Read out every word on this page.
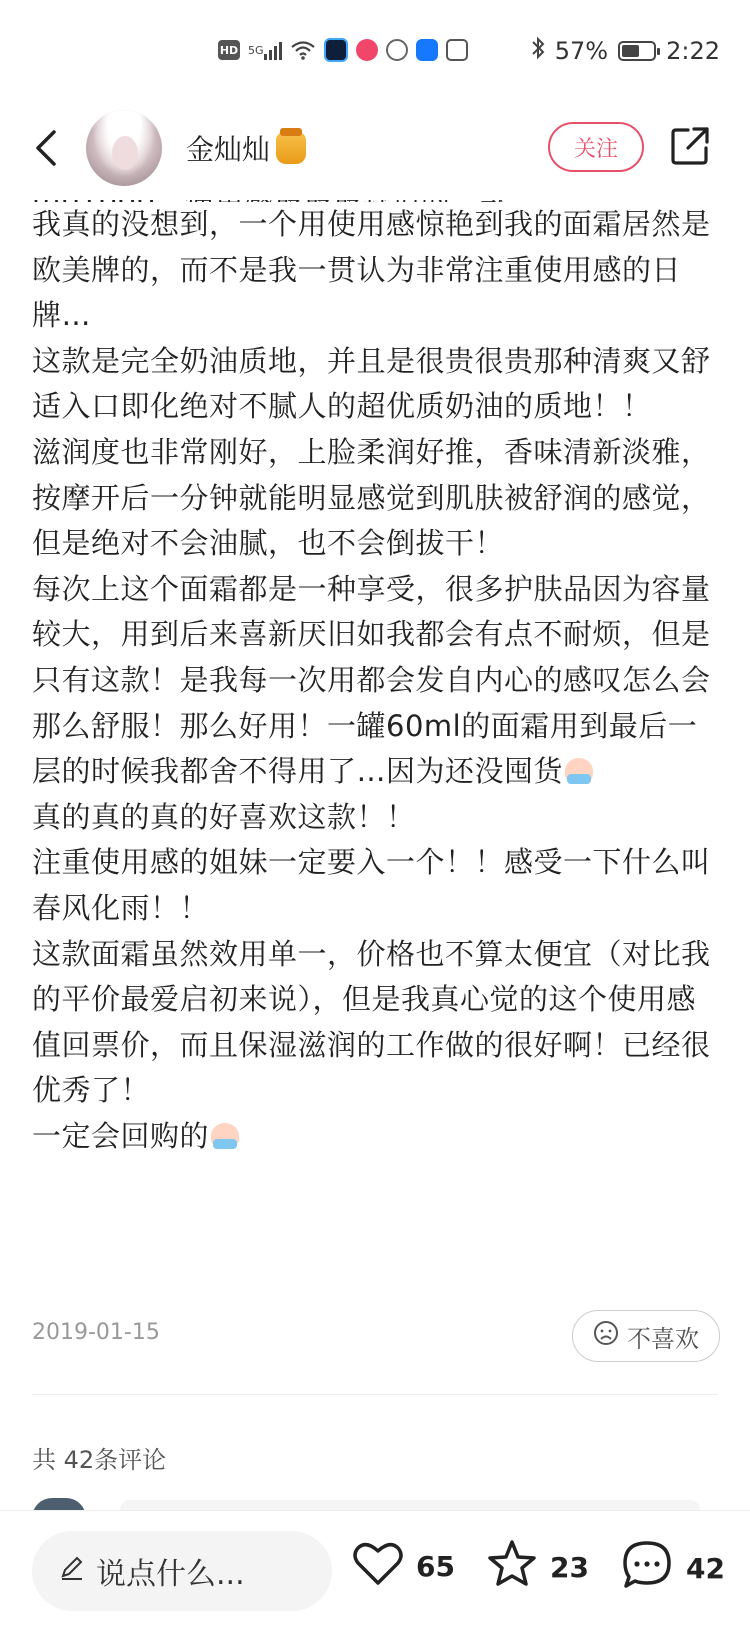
HD 5G	57% 2:22
金灿灿	关注

我真的没想到，一个用使用感惊艳到我的面霜居然是欧美牌的，而不是我一贯认为非常注重使用感的日牌…

这款是完全奶油质地，并且是很贵很贵那种清爽又舒适入口即化绝对不腻人的超优质奶油的质地！！

滋润度也非常刚好，上脸柔润好推，香味清新淡雅，按摩开后一分钟就能明显感觉到肌肤被舒润的感觉，但是绝对不会油腻，也不会倒拔干！

每次上这个面霜都是一种享受，很多护肤品因为容量较大，用到后来喜新厌旧如我都会有点不耐烦，但是只有这款！是我每一次用都会发自内心的感叹怎么会那么舒服！那么好用！一罐60ml的面霜用到最后一层的时候我都舍不得用了…因为还没囤货

真的真的真的好喜欢这款！！

注重使用感的姐妹一定要入一个！！感受一下什么叫春风化雨！！

这款面霜虽然效用单一，价格也不算太便宜（对比我的平价最爱启初来说），但是我真心觉的这个使用感值回票价，而且保湿滋润的工作做的很好啊！已经很优秀了！

一定会回购的

2019-01-15	不喜欢
共 42条评论
说点什么...	65	23	42
